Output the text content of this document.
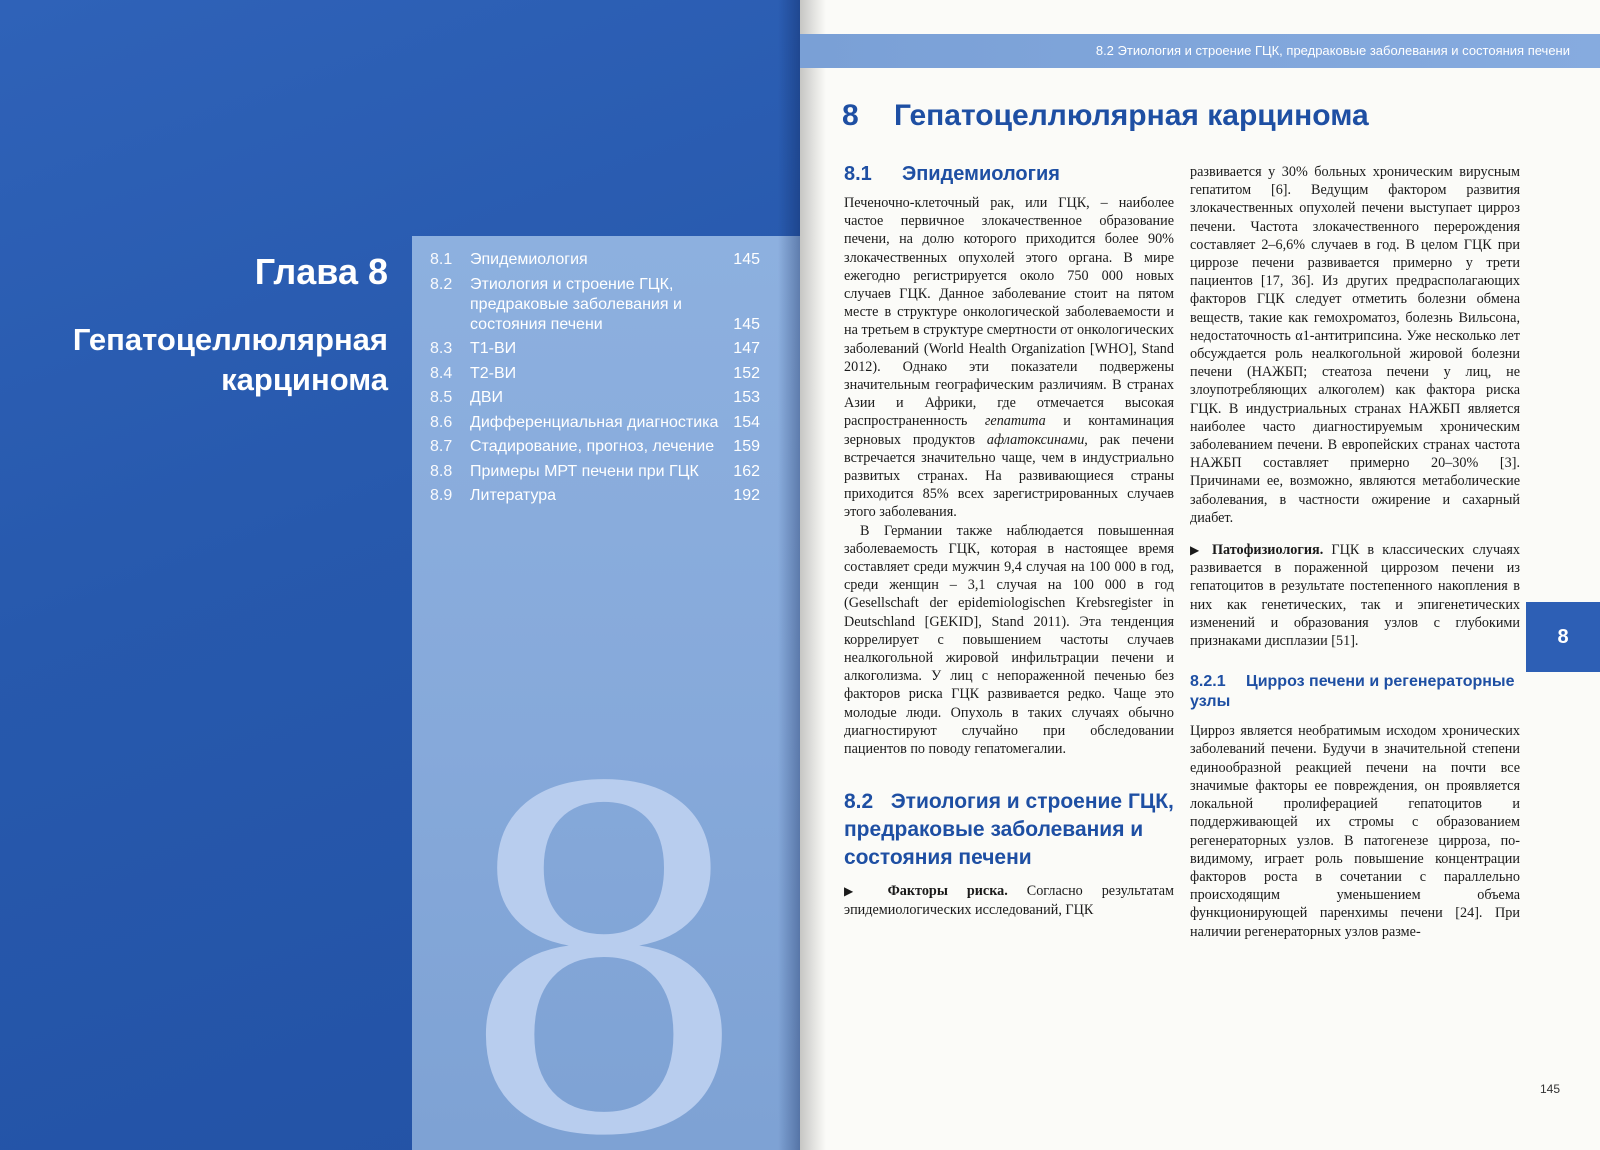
Глава 8
Гепатоцеллюлярная карцинома
8
8.1	Эпидемиология	145
8.2	Этиология и строение ГЦК, предраковые заболевания и состояния печени	145
8.3	Т1-ВИ	147
8.4	Т2-ВИ	152
8.5	ДВИ	153
8.6	Дифференциальная диагностика 154
8.7	Стадирование, прогноз, лечение	159
8.8	Примеры МРТ печени при ГЦК	162
8.9	Литература	192
8.2 Этиология и строение ГЦК, предраковые заболевания и состояния печени
8 Гепатоцеллюлярная карцинома
8.1 Эпидемиология

Печеночно-клеточный рак, или ГЦК, – наиболее частое первичное злокачественное образование печени, на долю которого приходится более 90% злокачественных опухолей этого органа. В мире ежегодно регистрируется около 750 000 новых случаев ГЦК. Данное заболевание стоит на пятом месте в структуре онкологической заболеваемости и на третьем в структуре смертности от онкологических заболеваний (World Health Organization [WHO], Stand 2012). Однако эти показатели подвержены значительным географическим различиям. В странах Азии и Африки, где отмечается высокая распространенность гепатита и контаминация зерновых продуктов афлатоксинами, рак печени встречается значительно чаще, чем в индустриально развитых странах. На развивающиеся страны приходится 85% всех зарегистрированных случаев этого заболевания.

В Германии также наблюдается повышенная заболеваемость ГЦК, которая в настоящее время составляет среди мужчин 9,4 случая на 100 000 в год, среди женщин – 3,1 случая на 100 000 в год (Gesellschaft der epidemiologischen Krebsregister in Deutschland [GEKID], Stand 2011). Эта тенденция коррелирует с повышением частоты случаев неалкогольной жировой инфильтрации печени и алкоголизма. У лиц с непораженной печенью без факторов риска ГЦК развивается редко. Чаще это молодые люди. Опухоль в таких случаях обычно диагностируют случайно при обследовании пациентов по поводу гепатомегалии.

8.2 Этиология и строение ГЦК, предраковые заболевания и состояния печени

▶ Факторы риска. Согласно результатам эпидемиологических исследований, ГЦК

развивается у 30% больных хроническим вирусным гепатитом [6]. Ведущим фактором развития злокачественных опухолей печени выступает цирроз печени. Частота злокачественного перерождения составляет 2–6,6% случаев в год. В целом ГЦК при циррозе печени развивается примерно у трети пациентов [17, 36]. Из других предрасполагающих факторов ГЦК следует отметить болезни обмена веществ, такие как гемохроматоз, болезнь Вильсона, недостаточность α1-антитрипсина. Уже несколько лет обсуждается роль неалкогольной жировой болезни печени (НАЖБП; стеатоза печени у лиц, не злоупотребляющих алкоголем) как фактора риска ГЦК. В индустриальных странах НАЖБП является наиболее часто диагностируемым хроническим заболеванием печени. В европейских странах частота НАЖБП составляет примерно 20–30% [3]. Причинами ее, возможно, являются метаболические заболевания, в частности ожирение и сахарный диабет.

▶ Патофизиология. ГЦК в классических случаях развивается в пораженной циррозом печени из гепатоцитов в результате постепенного накопления в них как генетических, так и эпигенетических изменений и образования узлов с глубокими признаками дисплазии [51].

8.2.1 Цирроз печени и регенераторные узлы

Цирроз является необратимым исходом хронических заболеваний печени. Будучи в значительной степени единообразной реакцией печени на почти все значимые факторы ее повреждения, он проявляется локальной пролиферацией гепатоцитов и поддерживающей их стромы с образованием регенераторных узлов. В патогенезе цирроза, по-видимому, играет роль повышение концентрации факторов роста в сочетании с параллельно происходящим уменьшением объема функционирующей паренхимы печени [24]. При наличии регенераторных узлов разме-

8
145
